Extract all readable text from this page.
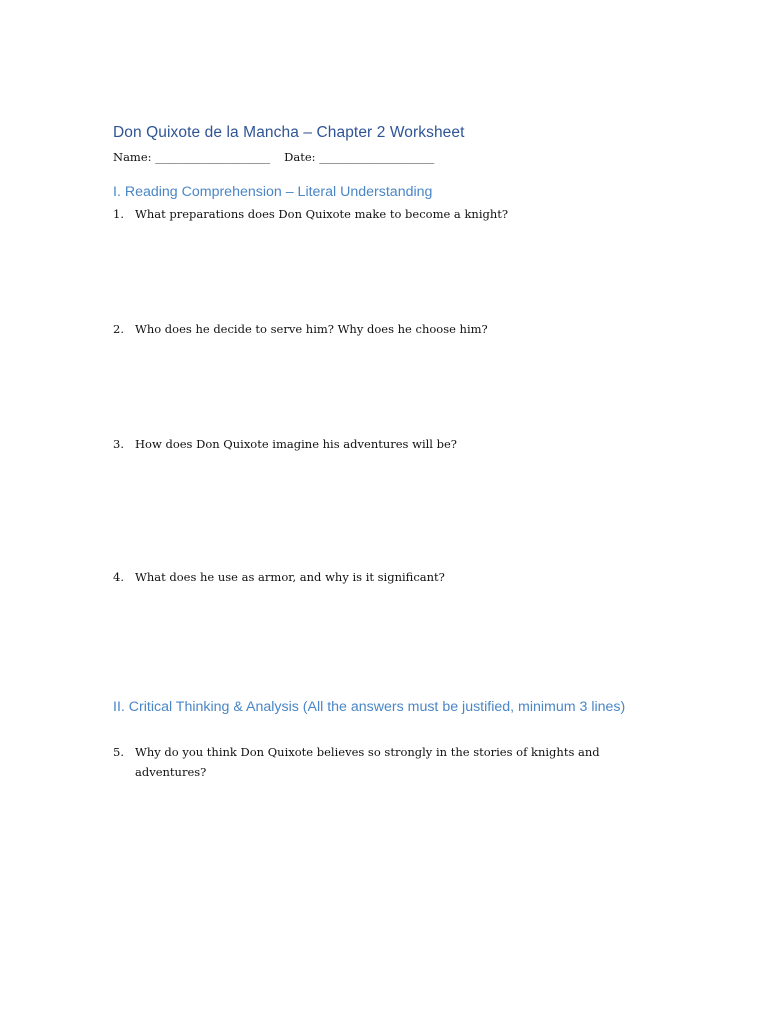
Don Quixote de la Mancha – Chapter 2 Worksheet
Name: ____________________ Date: ____________________
I. Reading Comprehension – Literal Understanding
1. What preparations does Don Quixote make to become a knight?
2. Who does he decide to serve him? Why does he choose him?
3. How does Don Quixote imagine his adventures will be?
4. What does he use as armor, and why is it significant?
II. Critical Thinking & Analysis (All the answers must be justified, minimum 3 lines)
5. Why do you think Don Quixote believes so strongly in the stories of knights and adventures?
